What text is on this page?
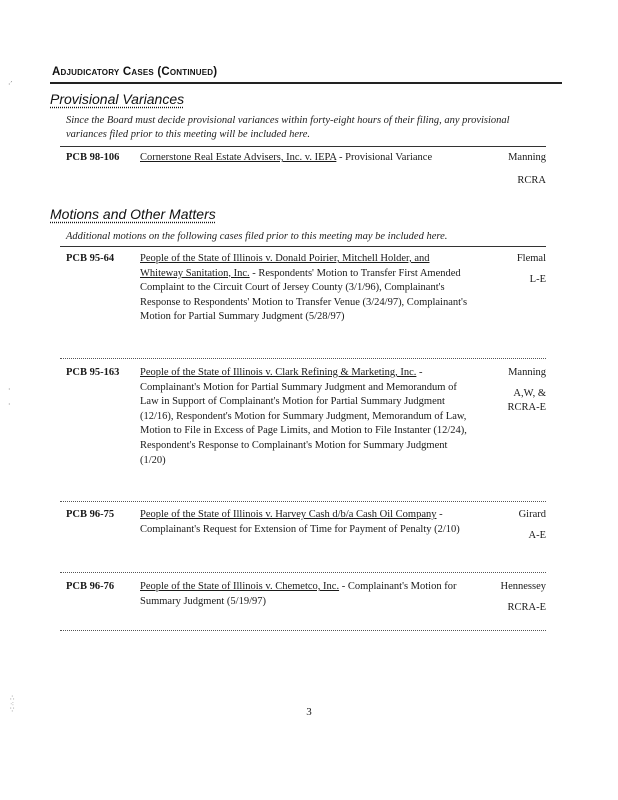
Adjudicatory Cases (Continued)
Provisional Variances
Since the Board must decide provisional variances within forty-eight hours of their filing, any provisional variances filed prior to this meeting will be included here.
PCB 98-106	Cornerstone Real Estate Advisers, Inc. v. IEPA - Provisional Variance	Manning
RCRA
Motions and Other Matters
Additional motions on the following cases filed prior to this meeting may be included here.
PCB 95-64	People of the State of Illinois v. Donald Poirier, Mitchell Holder, and Whiteway Sanitation, Inc. - Respondents' Motion to Transfer First Amended Complaint to the Circuit Court of Jersey County (3/1/96), Complainant's Response to Respondents' Motion to Transfer Venue (3/24/97), Complainant's Motion for Partial Summary Judgment (5/28/97)
Flemal
L-E
PCB 95-163	People of the State of Illinois v. Clark Refining & Marketing, Inc. - Complainant's Motion for Partial Summary Judgment and Memorandum of Law in Support of Complainant's Motion for Partial Summary Judgment (12/16), Respondent's Motion for Summary Judgment, Memorandum of Law, Motion to File in Excess of Page Limits, and Motion to File Instanter (12/24), Respondent's Response to Complainant's Motion for Summary Judgment (1/20)
Manning
A,W, & RCRA-E
PCB 96-75	People of the State of Illinois v. Harvey Cash d/b/a Cash Oil Company - Complainant's Request for Extension of Time for Payment of Penalty (2/10)
Girard
A-E
PCB 96-76	People of the State of Illinois v. Chemetco, Inc. - Complainant's Motion for Summary Judgment (5/19/97)
Hennessey
RCRA-E
3
·′
·
·
∴
⁖
∵
